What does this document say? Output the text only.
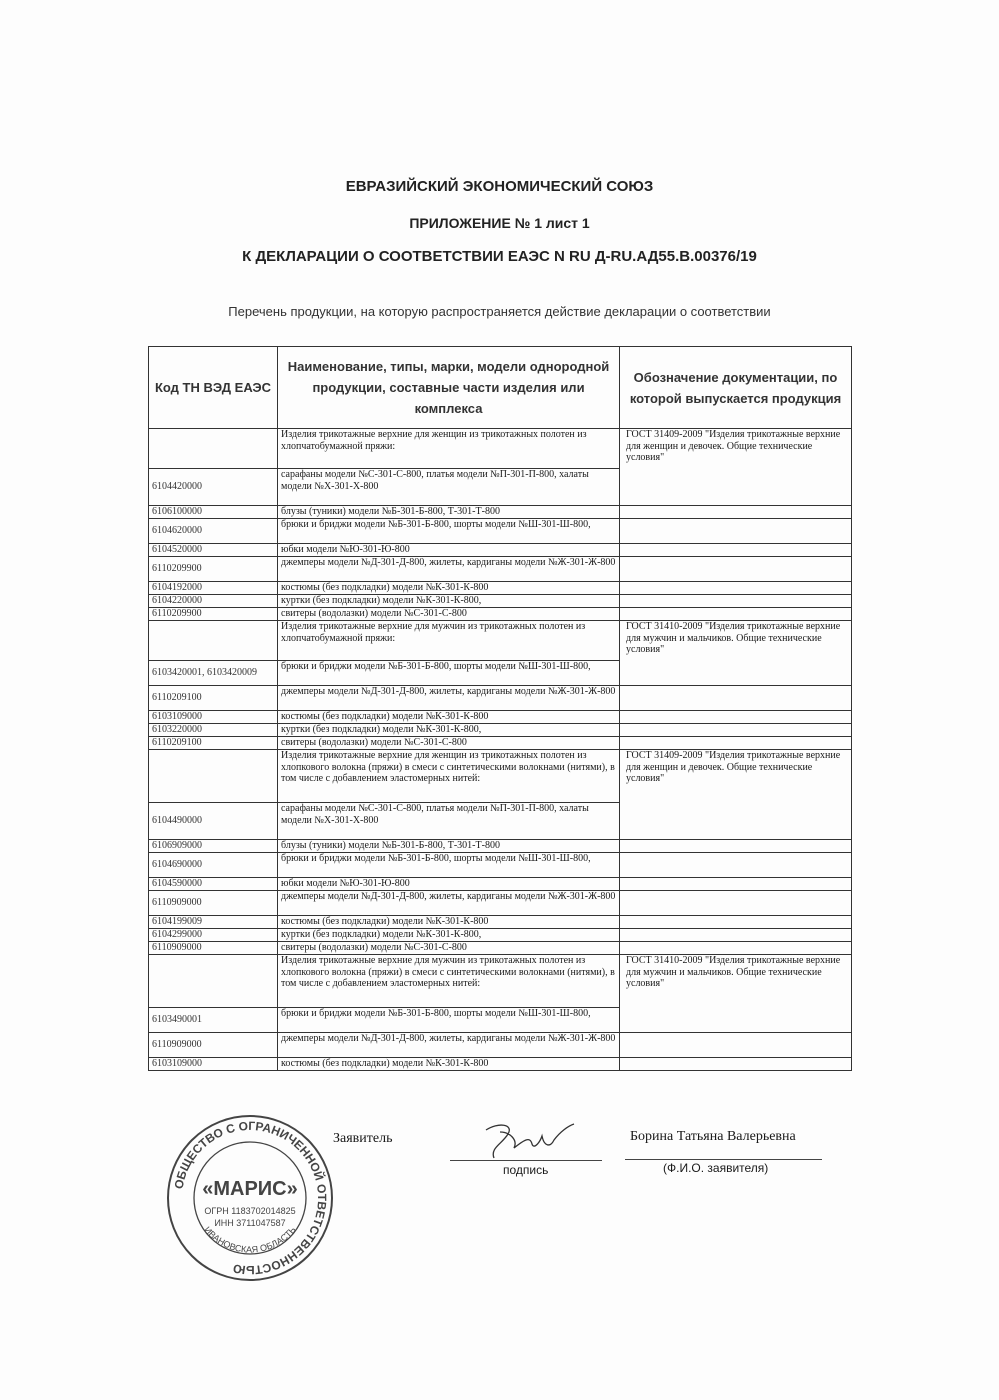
ЕВРАЗИЙСКИЙ ЭКОНОМИЧЕСКИЙ СОЮЗ
ПРИЛОЖЕНИЕ № 1 лист 1
К ДЕКЛАРАЦИИ О СООТВЕТСТВИИ ЕАЭС N RU Д-RU.АД55.В.00376/19
Перечень продукции, на которую распространяется действие декларации о соответствии
Код ТН ВЭД ЕАЭС	Наименование, типы, марки, модели однородной продукции, составные части изделия или комплекса	Обозначение документации, по которой выпускается продукция
	Изделия трикотажные верхние для женщин из трикотажных полотен из хлопчатобумажной пряжи:	ГОСТ 31409-2009 "Изделия трикотажные верхние для женщин и девочек. Общие технические условия"
6104420000	сарафаны модели №С-301-С-800, платья модели №П-301-П-800, халаты модели №Х-301-Х-800	
6106100000	блузы (туники) модели №Б-301-Б-800, Т-301-Т-800	
6104620000	брюки и бриджи модели №Б-301-Б-800, шорты модели №Ш-301-Ш-800,	
6104520000	юбки модели №Ю-301-Ю-800	
6110209900	джемперы модели №Д-301-Д-800, жилеты, кардиганы модели №Ж-301-Ж-800	
6104192000	костюмы (без подкладки) модели №К-301-К-800	
6104220000	куртки (без подкладки) модели №К-301-К-800,	
6110209900	свитеры (водолазки) модели №С-301-С-800	
	Изделия трикотажные верхние для мужчин из трикотажных полотен из хлопчатобумажной пряжи:	ГОСТ 31410-2009 "Изделия трикотажные верхние для мужчин и мальчиков. Общие технические условия"
6103420001, 6103420009	брюки и бриджи модели №Б-301-Б-800, шорты модели №Ш-301-Ш-800,	
6110209100	джемперы модели №Д-301-Д-800, жилеты, кардиганы модели №Ж-301-Ж-800	
6103109000	костюмы (без подкладки) модели №К-301-К-800	
6103220000	куртки (без подкладки) модели №К-301-К-800,	
6110209100	свитеры (водолазки) модели №С-301-С-800	
	Изделия трикотажные верхние для женщин из трикотажных полотен из хлопкового волокна (пряжи) в смеси с синтетическими волокнами (нитями), в том числе с добавлением эластомерных нитей:	ГОСТ 31409-2009 "Изделия трикотажные верхние для женщин и девочек. Общие технические условия"
6104490000	сарафаны модели №С-301-С-800, платья модели №П-301-П-800, халаты модели №Х-301-Х-800	
6106909000	блузы (туники) модели №Б-301-Б-800, Т-301-Т-800	
6104690000	брюки и бриджи модели №Б-301-Б-800, шорты модели №Ш-301-Ш-800,	
6104590000	юбки модели №Ю-301-Ю-800	
6110909000	джемперы модели №Д-301-Д-800, жилеты, кардиганы модели №Ж-301-Ж-800	
6104199009	костюмы (без подкладки) модели №К-301-К-800	
6104299000	куртки (без подкладки) модели №К-301-К-800,	
6110909000	свитеры (водолазки) модели №С-301-С-800	
	Изделия трикотажные верхние для мужчин из трикотажных полотен из хлопкового волокна (пряжи) в смеси с синтетическими волокнами (нитями), в том числе с добавлением эластомерных нитей:	ГОСТ 31410-2009 "Изделия трикотажные верхние для мужчин и мальчиков. Общие технические условия"
6103490001	брюки и бриджи модели №Б-301-Б-800, шорты модели №Ш-301-Ш-800,	
6110909000	джемперы модели №Д-301-Д-800, жилеты, кардиганы модели №Ж-301-Ж-800	
6103109000	костюмы (без подкладки) модели №К-301-К-800	
ОБЩЕСТВО С ОГРАНИЧЕННОЙ ОТВЕТСТВЕННОСТЬЮ
«МАРИС»
ОГРН 1183702014825
ИНН 3711047587
ИВАНОВСКАЯ ОБЛАСТЬ
Заявитель
подпись
Борина Татьяна Валерьевна
(Ф.И.О. заявителя)
